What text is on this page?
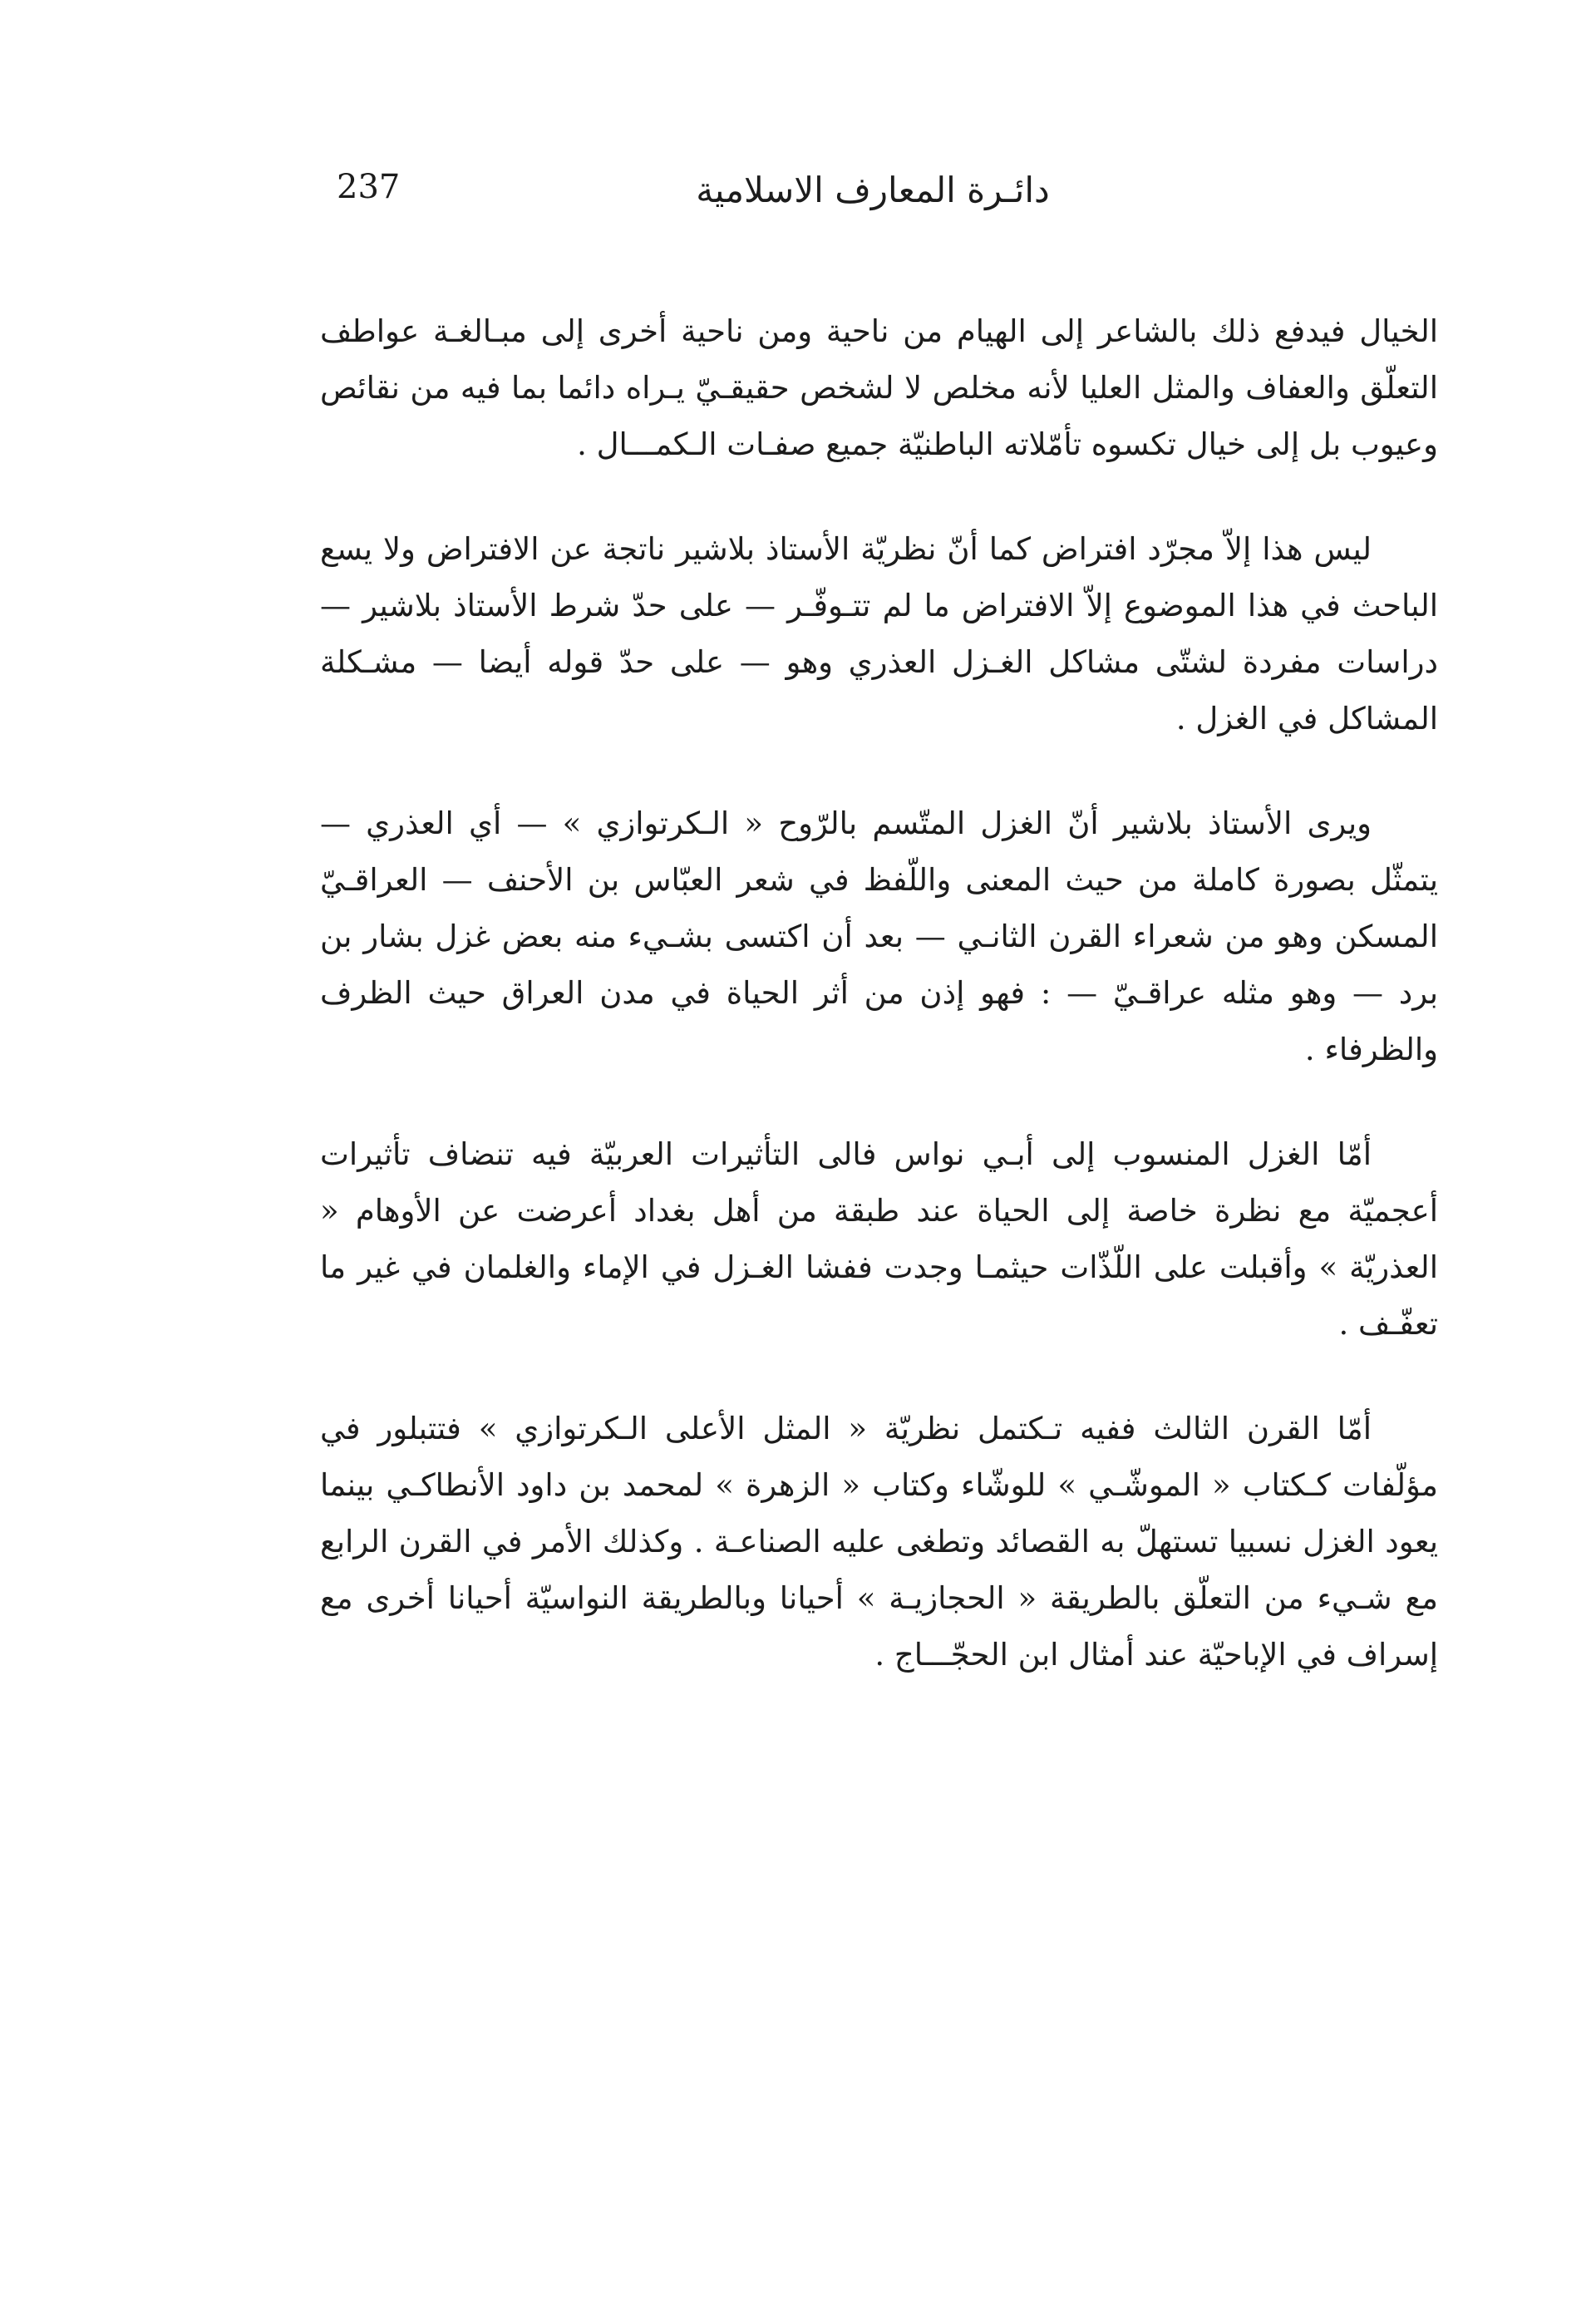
237	دائـرة المعارف الاسلامية

الخيال فيدفع ذلك بالشاعر إلى الهيام من ناحية ومن ناحية أخرى إلى مبـالغـة عواطف التعلّق والعفاف والمثل العليا لأنه مخلص لا لشخص حقيقـيّ يـراه دائما بما فيه من نقائص وعيوب بل إلى خيال تكسوه تأمّلاته الباطنيّة جميع صفـات الـكمـــال .

ليس هذا إلاّ مجرّد افتراض كما أنّ نظريّة الأستاذ بلاشير ناتجة عن الافتراض ولا يسع الباحث في هذا الموضوع إلاّ الافتراض ما لم تتـوفّـر — على حدّ شرط الأستاذ بلاشير — دراسات مفردة لشتّى مشاكل الغـزل العذري وهو — على حدّ قوله أيضا — مشـكلة المشاكل في الغزل .

ويرى الأستاذ بلاشير أنّ الغزل المتّسم بالرّوح « الـكرتوازي » — أي العذري — يتمثّل بصورة كاملة من حيث المعنى واللّفظ في شعر العبّاس بن الأحنف — العراقـيّ المسكن وهو من شعراء القرن الثانـي — بعد أن اكتسى بشـيء منه بعض غزل بشار بن برد — وهو مثله عراقـيّ — : فهو إذن من أثر الحياة في مدن العراق حيث الظرف والظرفاء .

أمّا الغزل المنسوب إلى أبـي نواس فالى التأثيرات العربيّة فيه تنضاف تأثيرات أعجميّة مع نظرة خاصة إلى الحياة عند طبقة من أهل بغداد أعرضت عن الأوهام « العذريّة » وأقبلت على اللّذّات حيثمـا وجدت ففشا الغـزل في الإماء والغلمان في غير ما تعفّـف .

أمّا القرن الثالث ففيه تـكتمل نظريّة « المثل الأعلى الـكرتوازي » فتتبلور في مؤلّفات كـكتاب « الموشّـي » للوشّاء وكتاب « الزهرة » لمحمد بن داود الأنطاكـي بينما يعود الغزل نسبيا تستهلّ به القصائد وتطغى عليه الصناعـة . وكذلك الأمر في القرن الرابع مع شـيء من التعلّق بالطريقة « الحجازيـة » أحيانا وبالطريقة النواسيّة أحيانا أخرى مع إسراف في الإباحيّة عند أمثال ابن الحجّـــاج .
